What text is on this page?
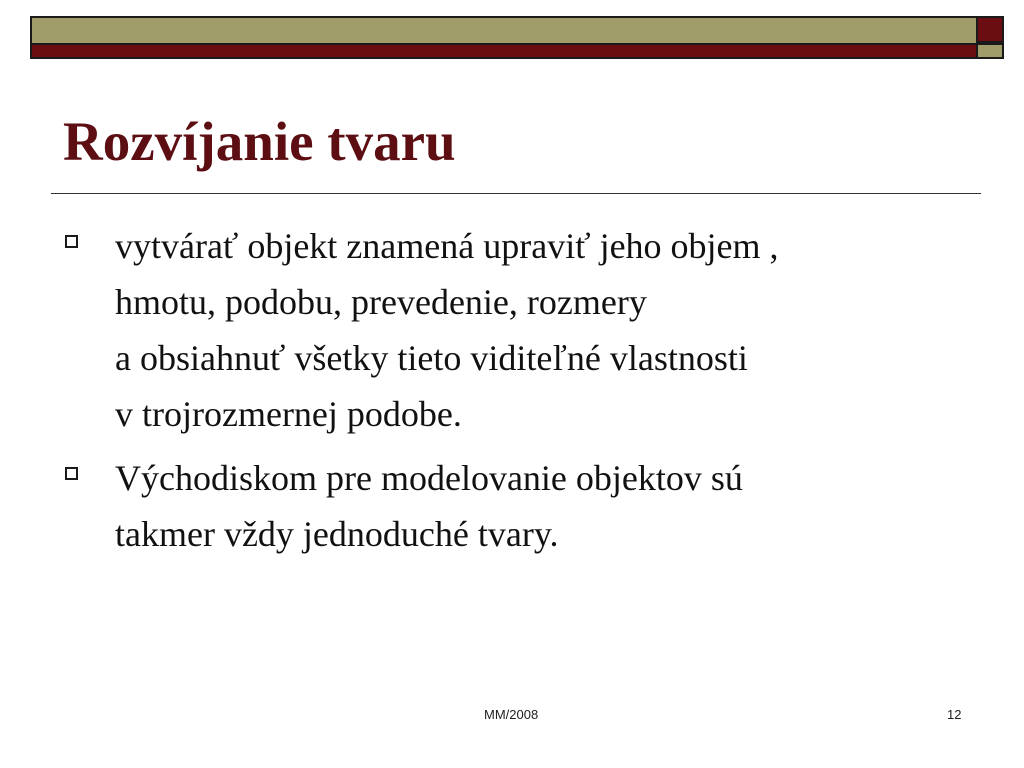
Rozvíjanie tvaru
vytvárať objekt znamená upraviť jeho objem ,
hmotu, podobu, prevedenie, rozmery
a obsiahnuť všetky tieto viditeľné vlastnosti
v trojrozmernej podobe.
Východiskom pre modelovanie objektov sú
takmer vždy jednoduché tvary.
MM/2008	12
